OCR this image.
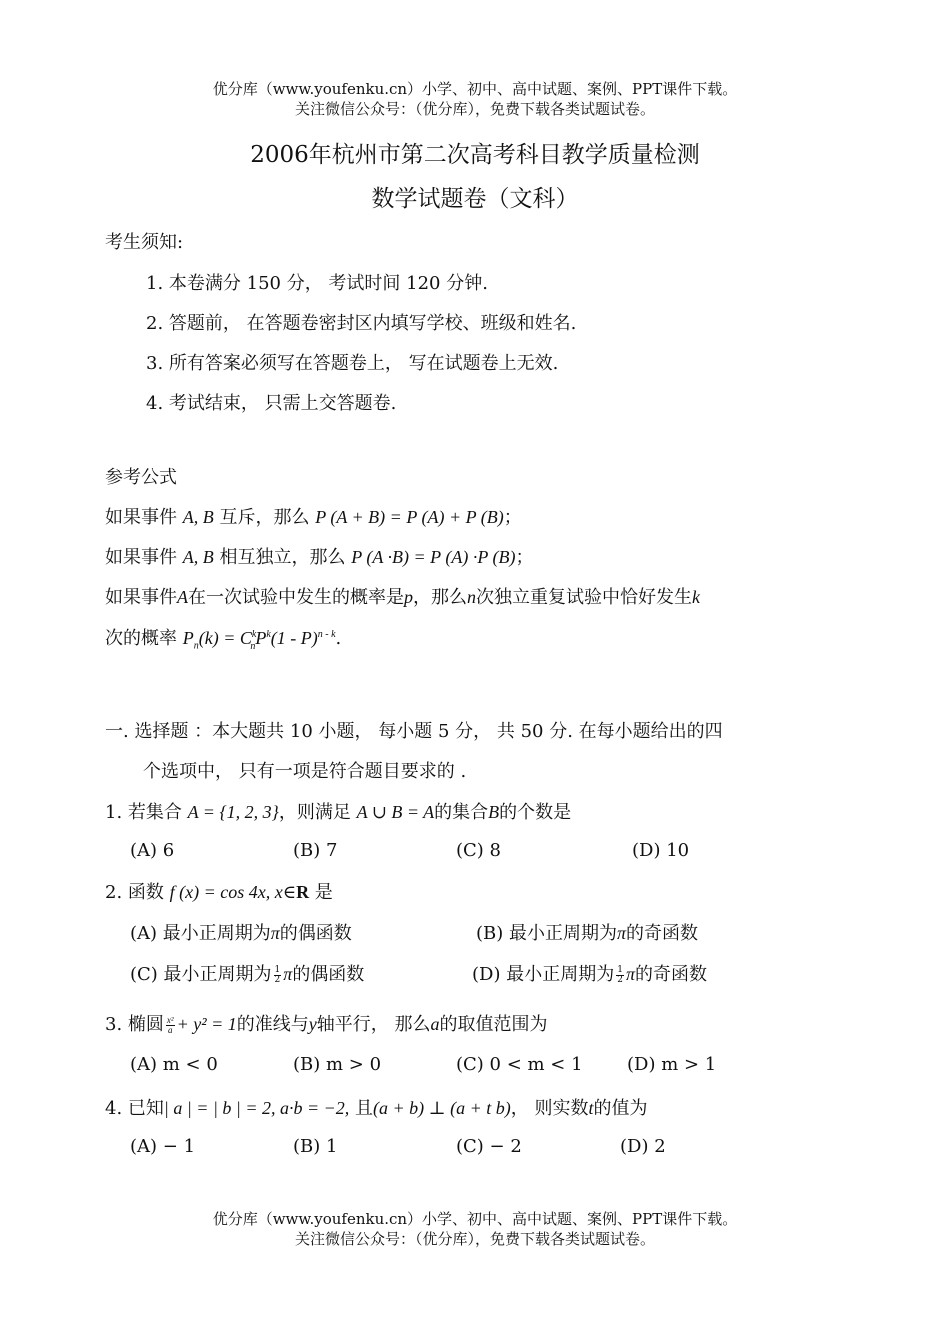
优分库（www.youfenku.cn）小学、初中、高中试题、案例、PPT课件下载。
关注微信公众号：（优分库），免费下载各类试题试卷。
2006年杭州市第二次高考科目教学质量检测
数学试题卷（文科）
考生须知:
1. 本卷满分 150 分， 考试时间 120 分钟.
2. 答题前， 在答题卷密封区内填写学校、班级和姓名.
3. 所有答案必须写在答题卷上， 写在试题卷上无效.
4. 考试结束， 只需上交答题卷.
参考公式
如果事件 A, B 互斥，那么 P (A + B) = P (A) + P (B)；
如果事件 A, B 相互独立，那么 P (A ·B) = P (A) ·P (B)；
如果事件A在一次试验中发生的概率是p，那么n次独立重复试验中恰好发生k
次的概率 $P_n(k) = C^k_nP^k(1 - P)^{n - k}$.
一. 选择题 ：本大题共 10 小题， 每小题 5 分， 共 50 分. 在每小题给出的四
个选项中， 只有一项是符合题目要求的 .
1. 若集合 A = {1, 2, 3}，则满足 A ∪ B = A的集合B的个数是
(A) 6	(B) 7	(C) 8	(D) 10
2. 函数 f (x) = cos 4x, x∈R 是
(A) 最小正周期为π的偶函数	(B) 最小正周期为π的奇函数
(C) 最小正周期为 $\frac{1}{2}$ π的偶函数	(D) 最小正周期为 $\frac{1}{2}$ π的奇函数
3. 椭圆 $\frac{\text{x²}}{a} + y^2 = 1$的准线与y轴平行， 那么a的取值范围为
(A) m < 0	(B) m > 0	(C) 0 < m < 1 (D) m > 1
4. 已知| a | = | b | = 2, a·b = −2, 且(a + b) ⊥ (a + t b)， 则实数t的值为
(A) − 1	(B) 1	(C) − 2	(D) 2
优分库（www.youfenku.cn）小学、初中、高中试题、案例、PPT课件下载。
关注微信公众号：（优分库），免费下载各类试题试卷。
